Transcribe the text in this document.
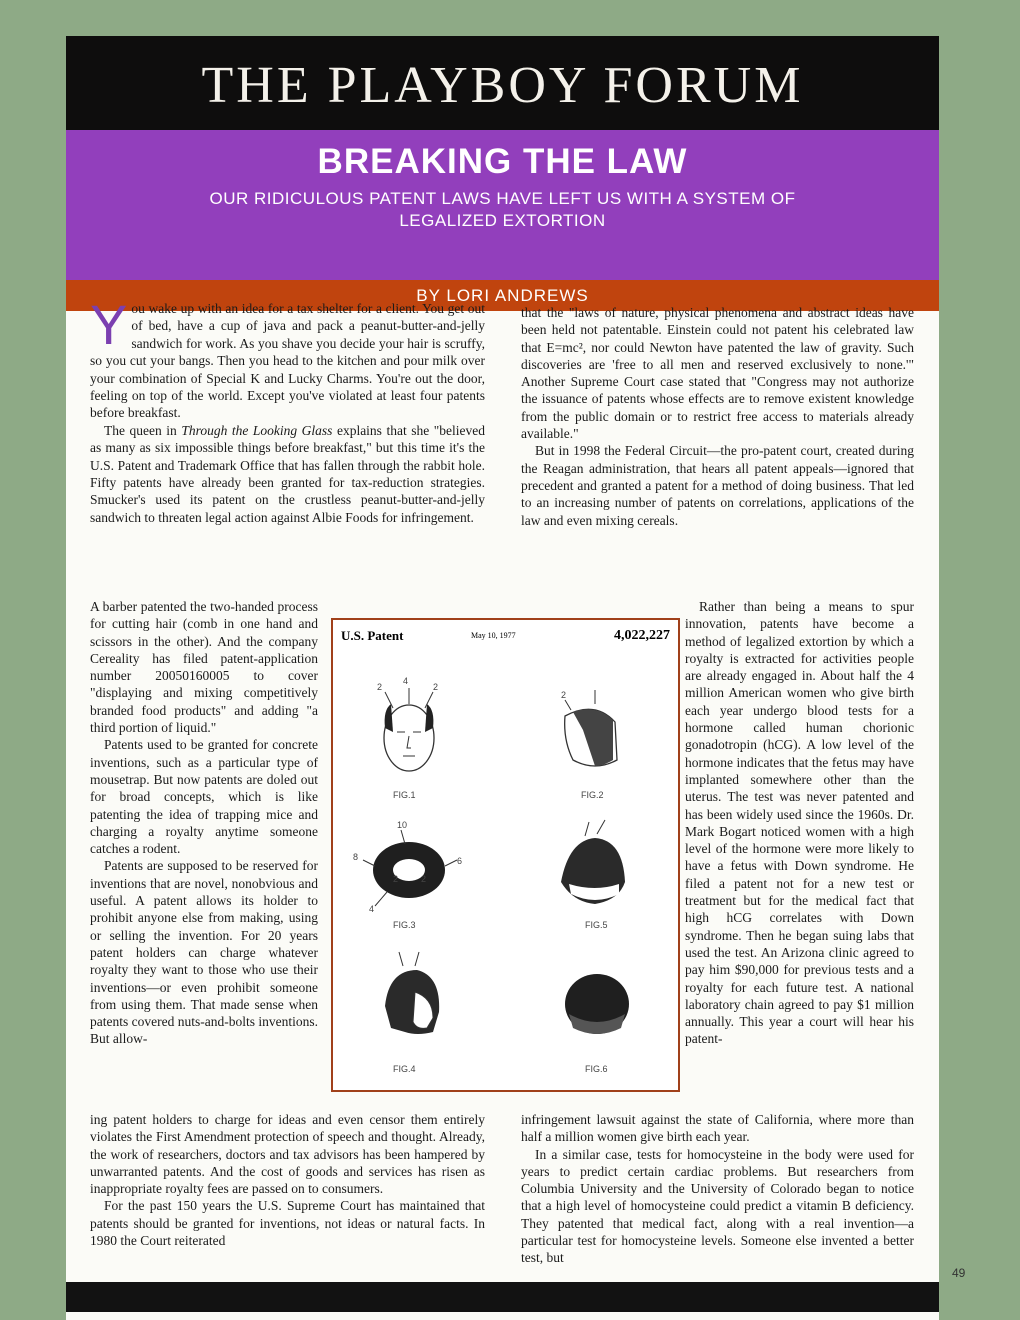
THE PLAYBOY FORUM
BREAKING THE LAW
OUR RIDICULOUS PATENT LAWS HAVE LEFT US WITH A SYSTEM OF LEGALIZED EXTORTION
BY LORI ANDREWS

Y ou wake up with an idea for a tax shelter for a client. You get out of bed, have a cup of java and pack a peanut-butter-and-jelly sandwich for work. As you shave you decide your hair is scruffy, so you cut your bangs. Then you head to the kitchen and pour milk over your combination of Special K and Lucky Charms. You're out the door, feeling on top of the world. Except you've violated at least four patents before breakfast.

The queen in Through the Looking Glass explains that she "believed as many as six impossible things before breakfast," but this time it's the U.S. Patent and Trademark Office that has fallen through the rabbit hole. Fifty patents have already been granted for tax-reduction strategies. Smucker's used its patent on the crustless peanut-butter-and-jelly sandwich to threaten legal action against Albie Foods for infringement.

A barber patented the two-handed process for cutting hair (comb in one hand and scissors in the other). And the company Cereality has filed patent-application number 20050160005 to cover "displaying and mixing competitively branded food products" and adding "a third portion of liquid."

Patents used to be granted for concrete inventions, such as a particular type of mousetrap. But now patents are doled out for broad concepts, which is like patenting the idea of trapping mice and charging a royalty anytime someone catches a rodent.

Patents are supposed to be reserved for inventions that are novel, nonobvious and useful. A patent allows its holder to prohibit anyone else from making, using or selling the invention. For 20 years patent holders can charge whatever royalty they want to those who use their inventions—or even prohibit someone from using them. That made sense when patents covered nuts-and-bolts inventions. But allow-

ing patent holders to charge for ideas and even censor them entirely violates the First Amendment protection of speech and thought. Already, the work of researchers, doctors and tax advisors has been hampered by unwarranted patents. And the cost of goods and services has risen as inappropriate royalty fees are passed on to consumers.

For the past 150 years the U.S. Supreme Court has maintained that patents should be granted for inventions, not ideas or natural facts. In 1980 the Court reiterated

that the "laws of nature, physical phenomena and abstract ideas have been held not patentable. Einstein could not patent his celebrated law that E=mc², nor could Newton have patented the law of gravity. Such discoveries are 'free to all men and reserved exclusively to none.'" Another Supreme Court case stated that "Congress may not authorize the issuance of patents whose effects are to remove existent knowledge from the public domain or to restrict free access to materials already available."

But in 1998 the Federal Circuit—the pro-patent court, created during the Reagan administration, that hears all patent appeals—ignored that precedent and granted a patent for a method of doing business. That led to an increasing number of patents on correlations, applications of the law and even mixing cereals.

Rather than being a means to spur innovation, patents have become a method of legalized extortion by which a royalty is extracted for activities people are already engaged in. About half the 4 million American women who give birth each year undergo blood tests for a hormone called human chorionic gonadotropin (hCG). A low level of the hormone indicates that the fetus may have implanted somewhere other than the uterus. The test was never patented and has been widely used since the 1960s. Dr. Mark Bogart noticed women with a high level of the hormone were more likely to have a fetus with Down syndrome. He filed a patent not for a new test or treatment but for the medical fact that high hCG correlates with Down syndrome. Then he began suing labs that used the test. An Arizona clinic agreed to pay him $90,000 for previous tests and a royalty for each future test. A national laboratory chain agreed to pay $1 million annually. This year a court will hear his patent-

infringement lawsuit against the state of California, where more than half a million women give birth each year.

In a similar case, tests for homocysteine in the body were used for years to predict certain cardiac problems. But researchers from Columbia University and the University of Colorado began to notice that a high level of homocysteine could predict a vitamin B deficiency. They patented that medical fact, along with a real invention—a particular test for homocysteine levels. Someone else invented a better test, but

U.S. Patent	May 10, 1977	4,022,227
FIG.1	FIG.2
FIG.3	FIG.5
FIG.4	FIG.6
2
4
2
2
10
8	6
2	2
4
49
